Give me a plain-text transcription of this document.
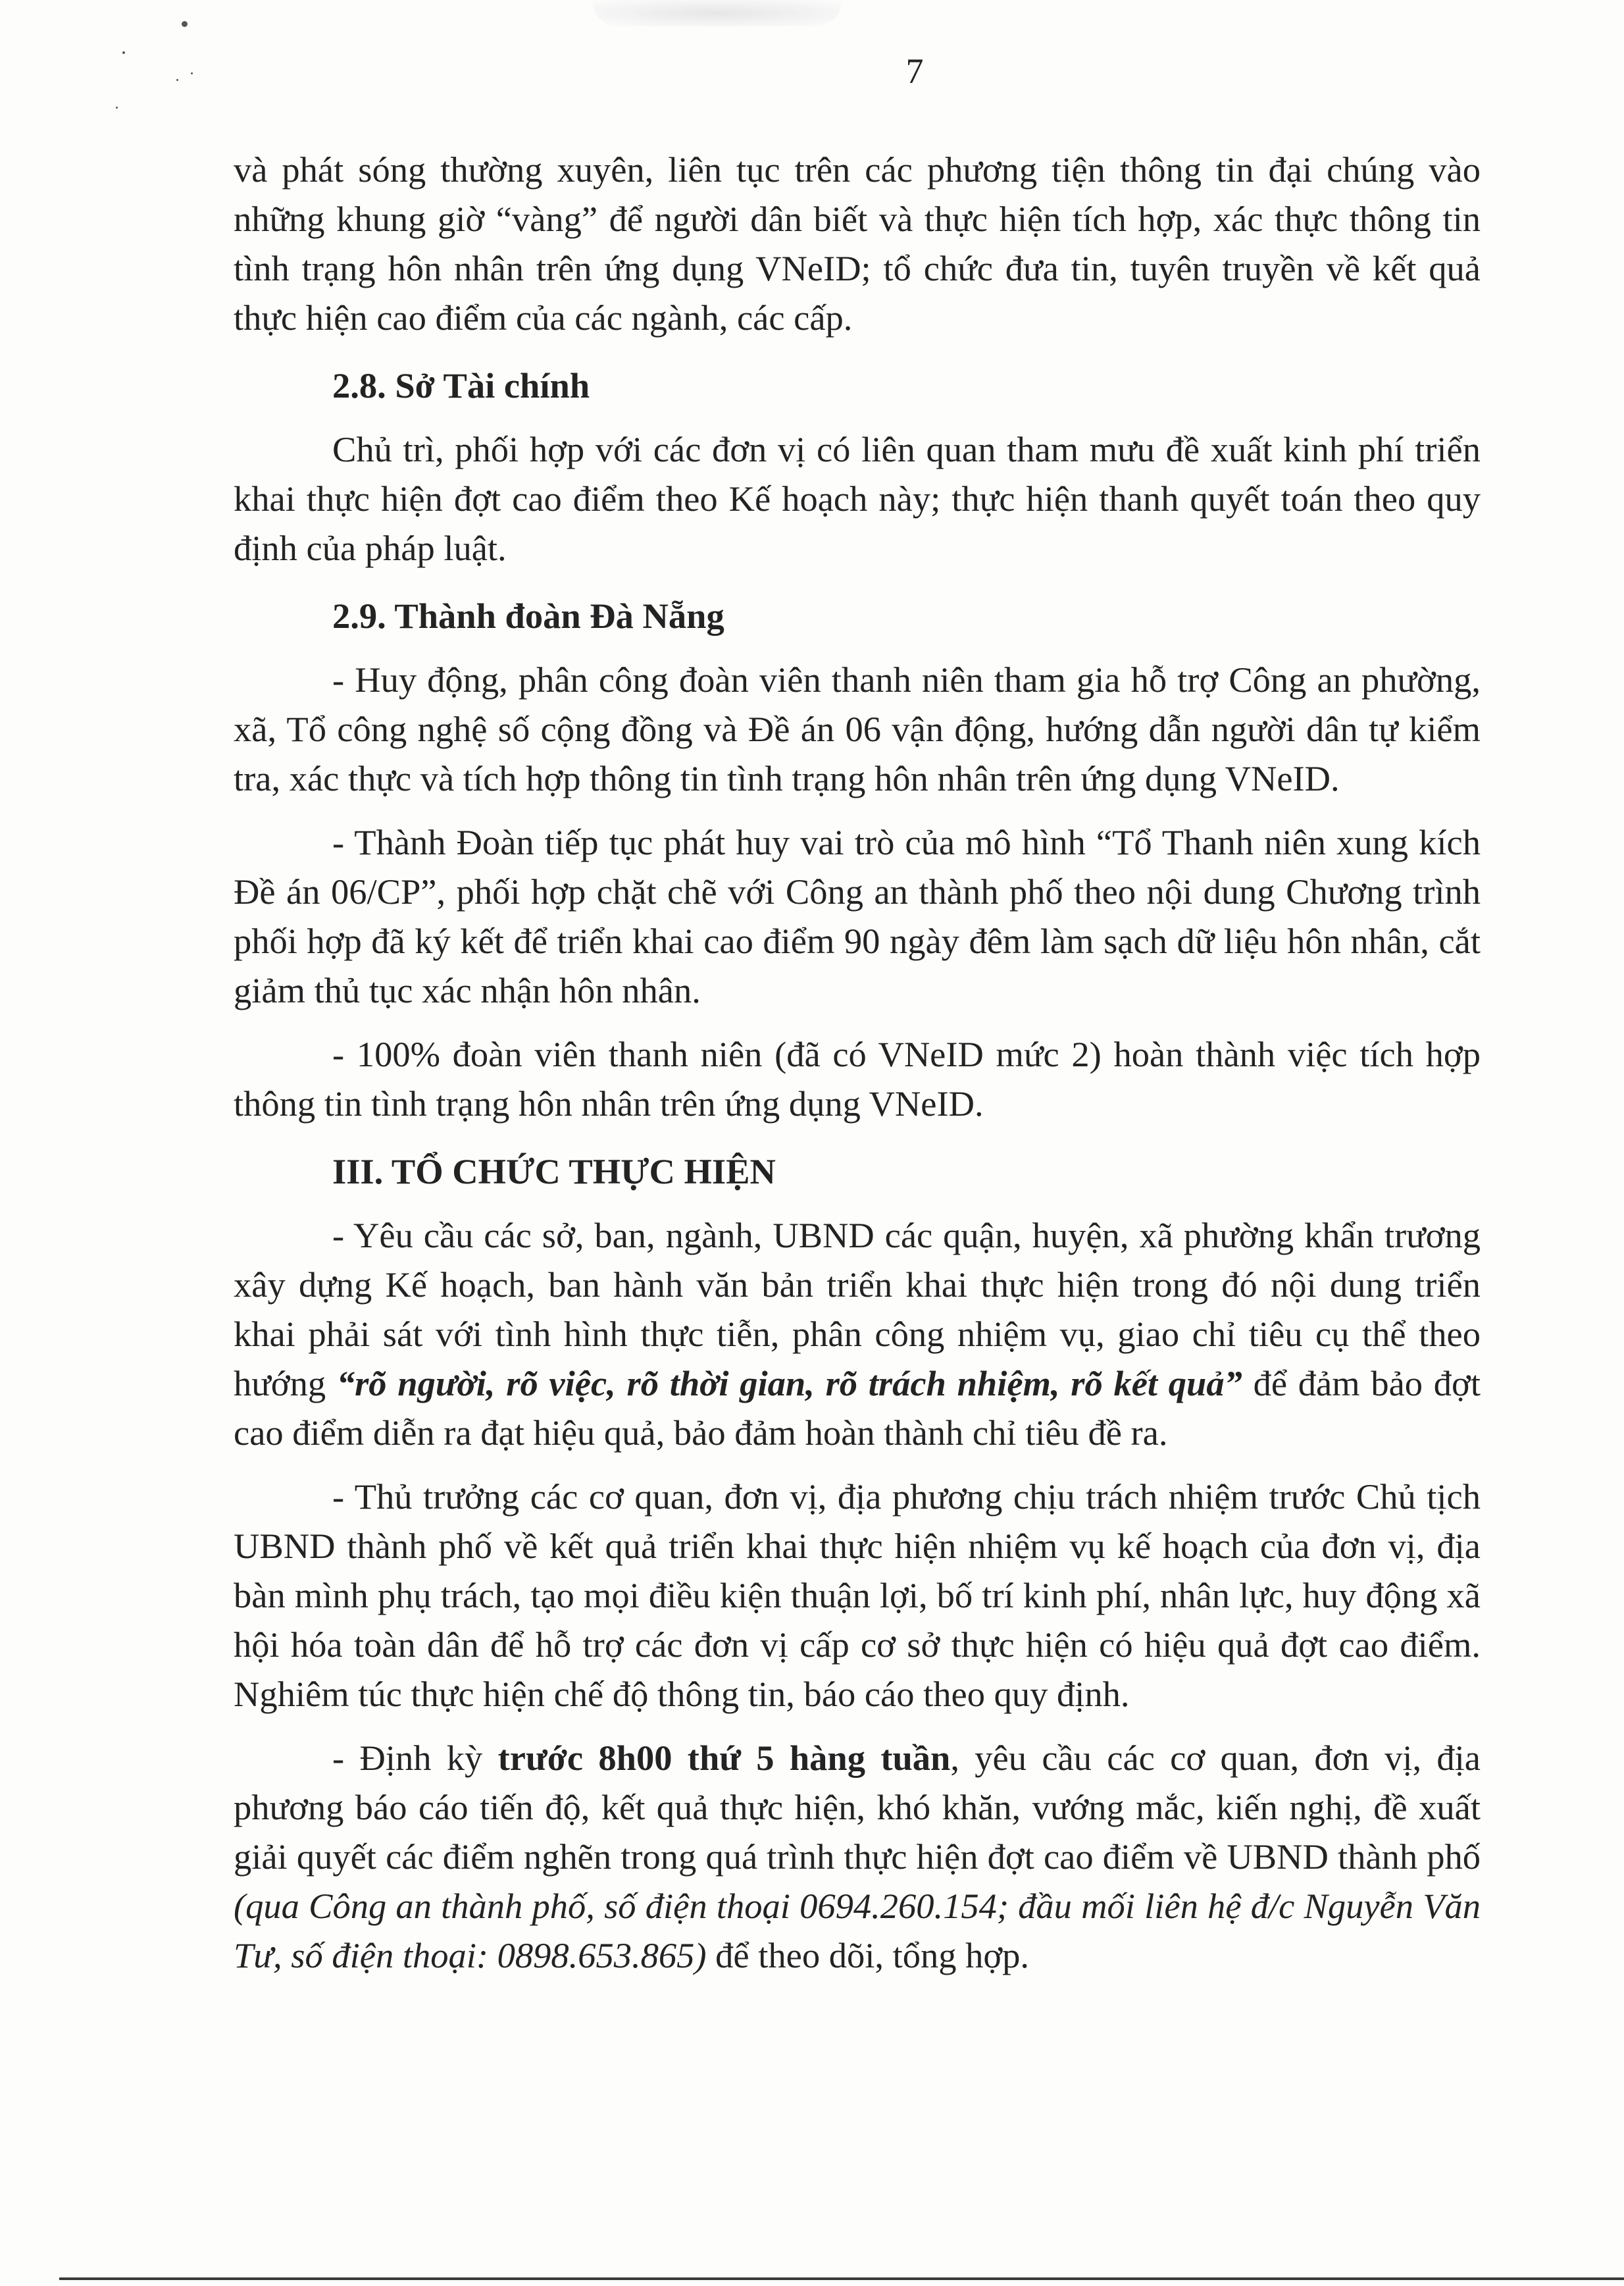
7

và phát sóng thường xuyên, liên tục trên các phương tiện thông tin đại chúng vào những khung giờ “vàng” để người dân biết và thực hiện tích hợp, xác thực thông tin tình trạng hôn nhân trên ứng dụng VNeID; tổ chức đưa tin, tuyên truyền về kết quả thực hiện cao điểm của các ngành, các cấp.

2.8. Sở Tài chính

Chủ trì, phối hợp với các đơn vị có liên quan tham mưu đề xuất kinh phí triển khai thực hiện đợt cao điểm theo Kế hoạch này; thực hiện thanh quyết toán theo quy định của pháp luật.

2.9. Thành đoàn Đà Nẵng

- Huy động, phân công đoàn viên thanh niên tham gia hỗ trợ Công an phường, xã, Tổ công nghệ số cộng đồng và Đề án 06 vận động, hướng dẫn người dân tự kiểm tra, xác thực và tích hợp thông tin tình trạng hôn nhân trên ứng dụng VNeID.

- Thành Đoàn tiếp tục phát huy vai trò của mô hình “Tổ Thanh niên xung kích Đề án 06/CP”, phối hợp chặt chẽ với Công an thành phố theo nội dung Chương trình phối hợp đã ký kết để triển khai cao điểm 90 ngày đêm làm sạch dữ liệu hôn nhân, cắt giảm thủ tục xác nhận hôn nhân.

- 100% đoàn viên thanh niên (đã có VNeID mức 2) hoàn thành việc tích hợp thông tin tình trạng hôn nhân trên ứng dụng VNeID.

III. TỔ CHỨC THỰC HIỆN

- Yêu cầu các sở, ban, ngành, UBND các quận, huyện, xã phường khẩn trương xây dựng Kế hoạch, ban hành văn bản triển khai thực hiện trong đó nội dung triển khai phải sát với tình hình thực tiễn, phân công nhiệm vụ, giao chỉ tiêu cụ thể theo hướng “rõ người, rõ việc, rõ thời gian, rõ trách nhiệm, rõ kết quả” để đảm bảo đợt cao điểm diễn ra đạt hiệu quả, bảo đảm hoàn thành chỉ tiêu đề ra.

- Thủ trưởng các cơ quan, đơn vị, địa phương chịu trách nhiệm trước Chủ tịch UBND thành phố về kết quả triển khai thực hiện nhiệm vụ kế hoạch của đơn vị, địa bàn mình phụ trách, tạo mọi điều kiện thuận lợi, bố trí kinh phí, nhân lực, huy động xã hội hóa toàn dân để hỗ trợ các đơn vị cấp cơ sở thực hiện có hiệu quả đợt cao điểm. Nghiêm túc thực hiện chế độ thông tin, báo cáo theo quy định.

- Định kỳ trước 8h00 thứ 5 hàng tuần, yêu cầu các cơ quan, đơn vị, địa phương báo cáo tiến độ, kết quả thực hiện, khó khăn, vướng mắc, kiến nghị, đề xuất giải quyết các điểm nghẽn trong quá trình thực hiện đợt cao điểm về UBND thành phố (qua Công an thành phố, số điện thoại 0694.260.154; đầu mối liên hệ đ/c Nguyễn Văn Tư, số điện thoại: 0898.653.865) để theo dõi, tổng hợp.
